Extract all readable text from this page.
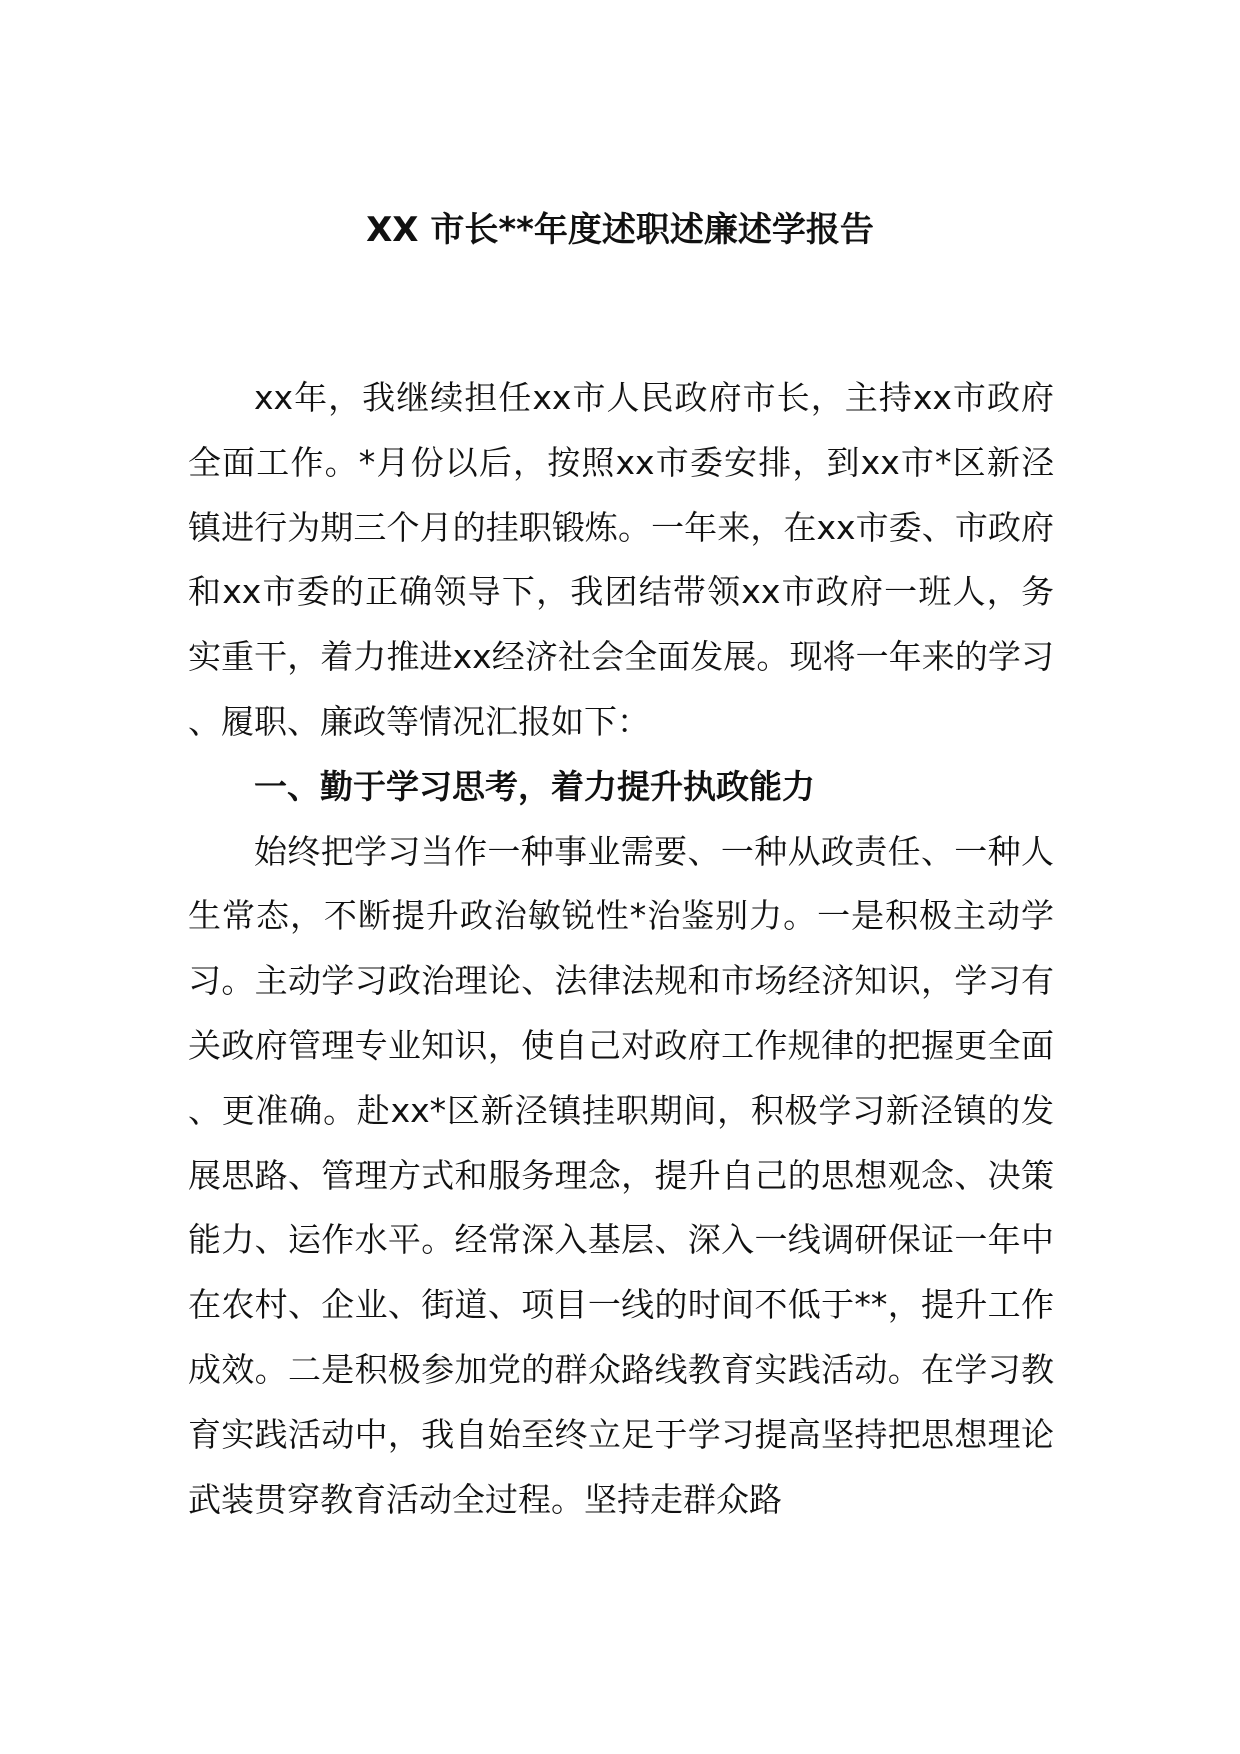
XX 市长**年度述职述廉述学报告

xx年，我继续担任xx市人民政府市长，主持xx市政府全面工作。*月份以后，按照xx市委安排，到xx市*区新泾镇进行为期三个月的挂职锻炼。一年来，在xx市委、市政府和xx市委的正确领导下，我团结带领xx市政府一班人，务实重干，着力推进xx经济社会全面发展。现将一年来的学习、履职、廉政等情况汇报如下：

一、勤于学习思考，着力提升执政能力

始终把学习当作一种事业需要、一种从政责任、一种人生常态，不断提升政治敏锐性*治鉴别力。一是积极主动学习。主动学习政治理论、法律法规和市场经济知识，学习有关政府管理专业知识，使自己对政府工作规律的把握更全面、更准确。赴xx*区新泾镇挂职期间，积极学习新泾镇的发展思路、管理方式和服务理念，提升自己的思想观念、决策能力、运作水平。经常深入基层、深入一线调研保证一年中在农村、企业、街道、项目一线的时间不低于**，提升工作成效。二是积极参加党的群众路线教育实践活动。在学习教育实践活动中，我自始至终立足于学习提高坚持把思想理论武装贯穿教育活动全过程。坚持走群众路
